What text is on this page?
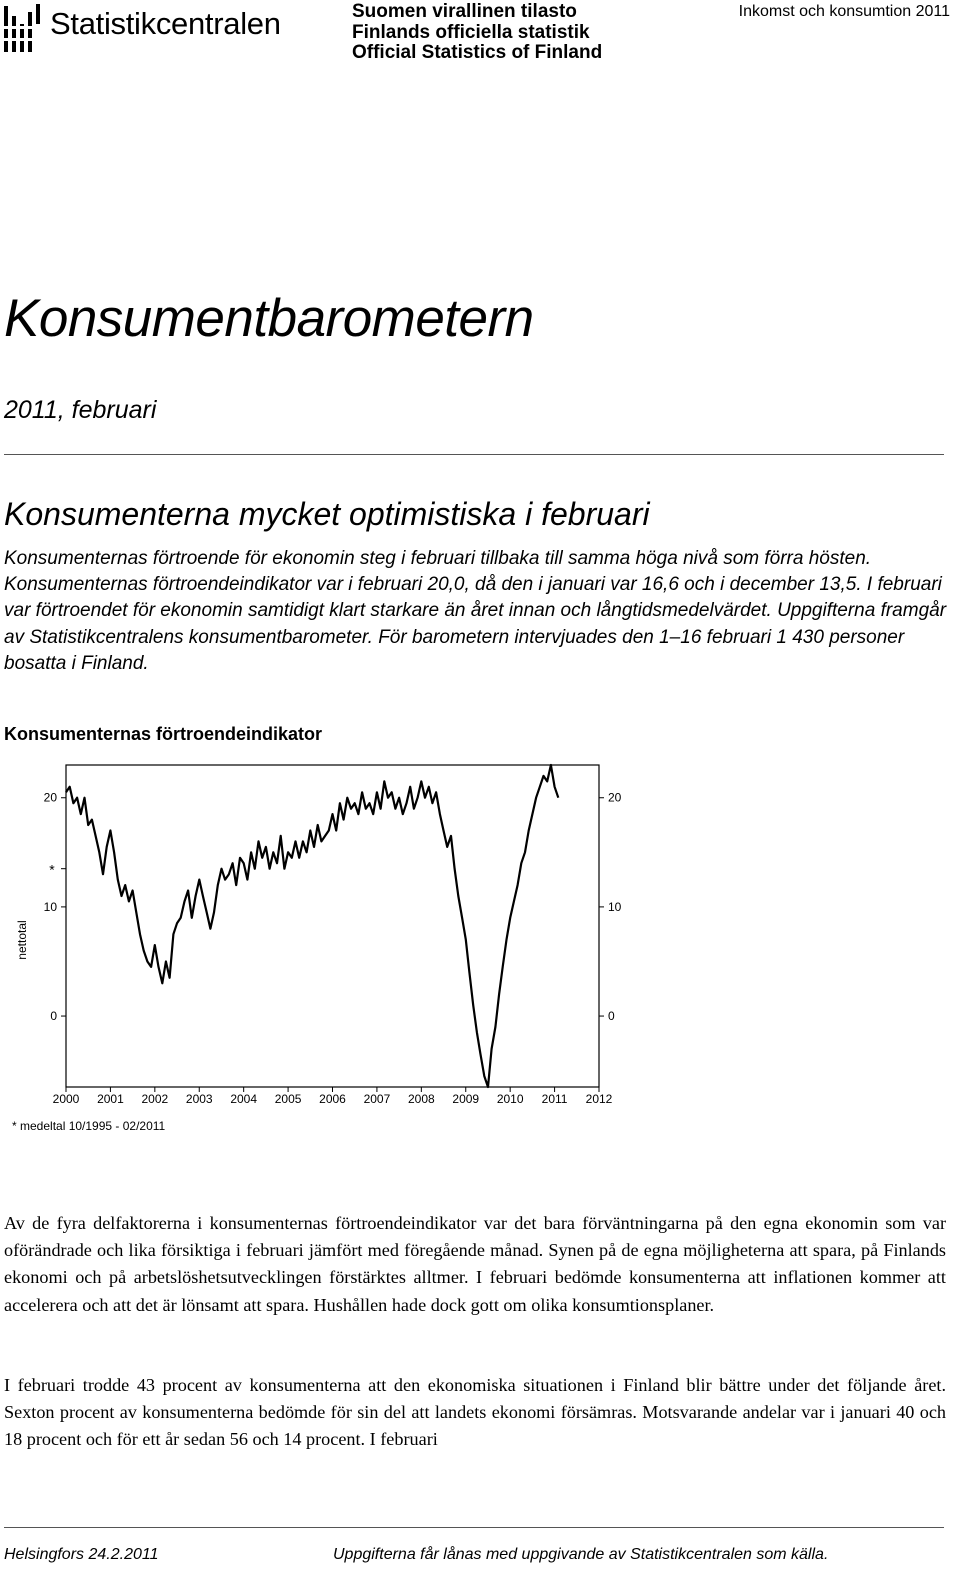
Statistikcentralen	Suomen virallinen tilasto
Finlands officiella statistik
Official Statistics of Finland
Inkomst och konsumtion 2011
Konsumentbarometern
2011, februari
Konsumenterna mycket optimistiska i februari

Konsumenternas förtroende för ekonomin steg i februari tillbaka till samma höga nivå som förra hösten. Konsumenternas förtroendeindikator var i februari 20,0, då den i januari var 16,6 och i december 13,5. I februari var förtroendet för ekonomin samtidigt klart starkare än året innan och långtidsmedelvärdet. Uppgifterna framgår av Statistikcentralens konsumentbarometer. För barometern intervjuades den 1–16 februari 1 430 personer bosatta i Finland.

Konsumenternas förtroendeindikator
0	0
10	10
20	20
2000 2001 2002 2003 2004 2005 2006 2007 2008 2009 2010 2011 2012
*
nettotal
* medeltal 10/1995 - 02/2011

Av de fyra delfaktorerna i konsumenternas förtroendeindikator var det bara förväntningarna på den egna ekonomin som var oförändrade och lika försiktiga i februari jämfört med föregående månad. Synen på de egna möjligheterna att spara, på Finlands ekonomi och på arbetslöshetsutvecklingen förstärktes alltmer. I februari bedömde konsumenterna att inflationen kommer att accelerera och att det är lönsamt att spara. Hushållen hade dock gott om olika konsumtionsplaner.

I februari trodde 43 procent av konsumenterna att den ekonomiska situationen i Finland blir bättre under det följande året. Sexton procent av konsumenterna bedömde för sin del att landets ekonomi försämras. Motsvarande andelar var i januari 40 och 18 procent och för ett år sedan 56 och 14 procent. I februari

Helsingfors 24.2.2011	Uppgifterna får lånas med uppgivande av Statistikcentralen som källa.
